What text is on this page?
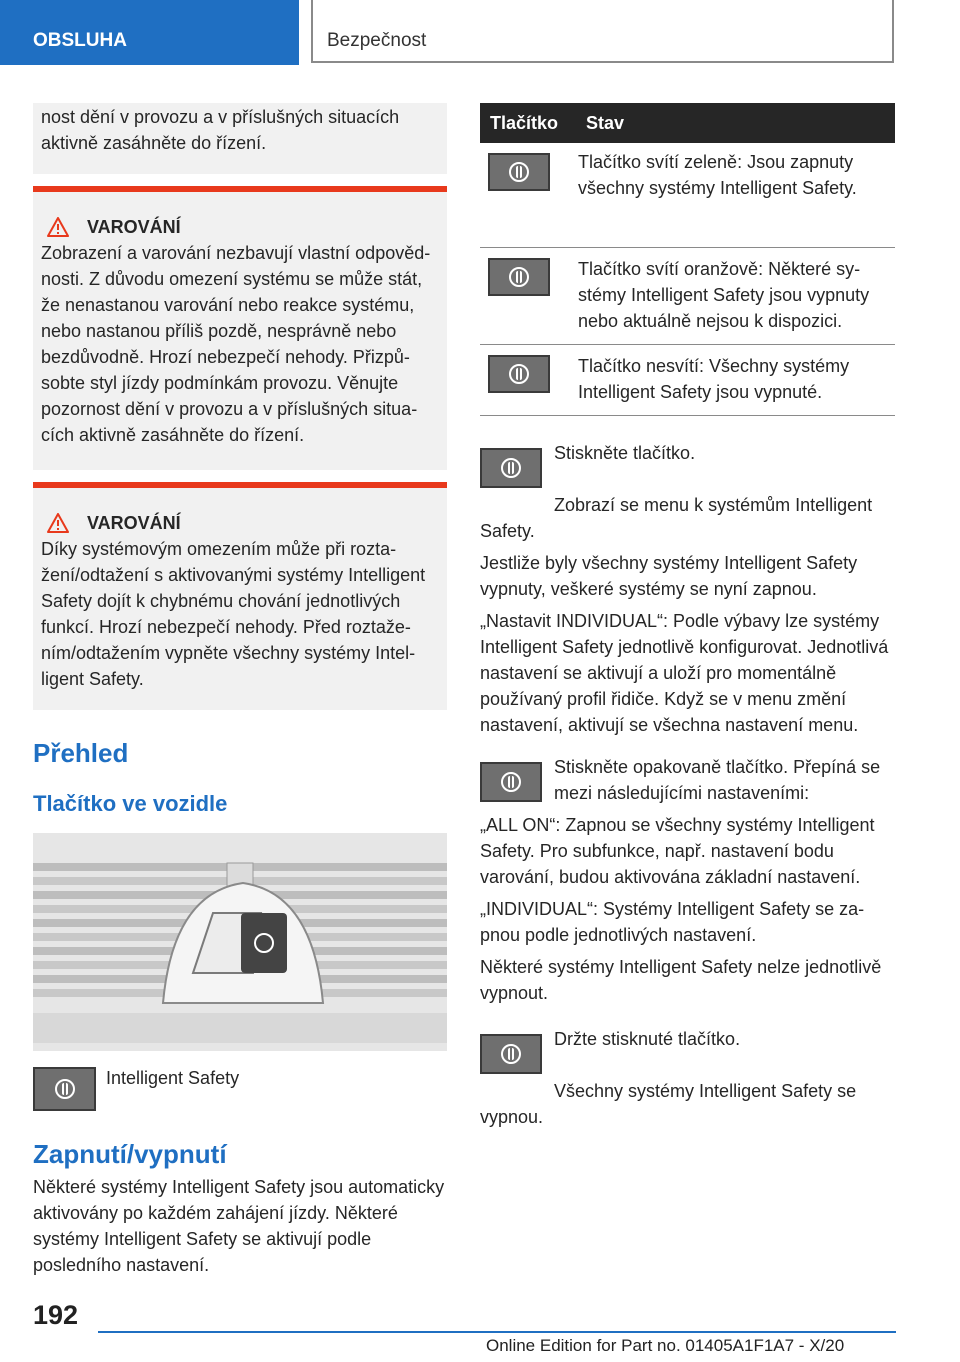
OBSLUHA	Bezpečnost
nost dění v provozu a v příslušných situacích aktivně zasáhněte do řízení.
VAROVÁNÍ
Zobrazení a varování nezbavují vlastní odpovědnosti. Z důvodu omezení systému se může stát, že nenastanou varování nebo reakce systému, nebo nastanou příliš pozdě, nesprávně nebo bezdůvodně. Hrozí nebezpečí nehody. Přizpůsobte styl jízdy podmínkám provozu. Věnujte pozornost dění v provozu a v příslušných situacích aktivně zasáhněte do řízení.
VAROVÁNÍ
Díky systémovým omezením může při roztažení/odtažení s aktivovanými systémy Intelligent Safety dojít k chybnému chování jednotlivých funkcí. Hrozí nebezpečí nehody. Před roztažením/odtažením vypněte všechny systémy Intelligent Safety.
Přehled
Tlačítko ve vozidle
Intelligent Safety
Zapnutí/vypnutí
Některé systémy Intelligent Safety jsou automaticky aktivovány po každém zahájení jízdy. Některé systémy Intelligent Safety se aktivují podle posledního nastavení.
Tlačítko	Stav

	Tlačítko svítí zeleně: Jsou zapnuty všechny systémy Intelligent Safety.

	Tlačítko svítí oranžově: Některé systémy Intelligent Safety jsou vypnuty nebo aktuálně nejsou k dispozici.

	Tlačítko nesvítí: Všechny systémy Intelligent Safety jsou vypnuté.
Stiskněte tlačítko.
Zobrazí se menu k systémům Intelligent Safety.
Jestliže byly všechny systémy Intelligent Safety vypnuty, veškeré systémy se nyní zapnou.
„Nastavit INDIVIDUAL“: Podle výbavy lze systémy Intelligent Safety jednotlivě konfigurovat. Jednotlivá nastavení se aktivují a uloží pro momentálně používaný profil řidiče. Když se v menu změní nastavení, aktivují se všechna nastavení menu.
Stiskněte opakovaně tlačítko. Přepíná se mezi následujícími nastaveními:
„ALL ON“: Zapnou se všechny systémy Intelligent Safety. Pro subfunkce, např. nastavení bodu varování, budou aktivována základní nastavení.
„INDIVIDUAL“: Systémy Intelligent Safety se zapnou podle jednotlivých nastavení.
Některé systémy Intelligent Safety nelze jednotlivě vypnout.
Držte stisknuté tlačítko.
Všechny systémy Intelligent Safety se vypnou.
192
Online Edition for Part no. 01405A1F1A7 - X/20
